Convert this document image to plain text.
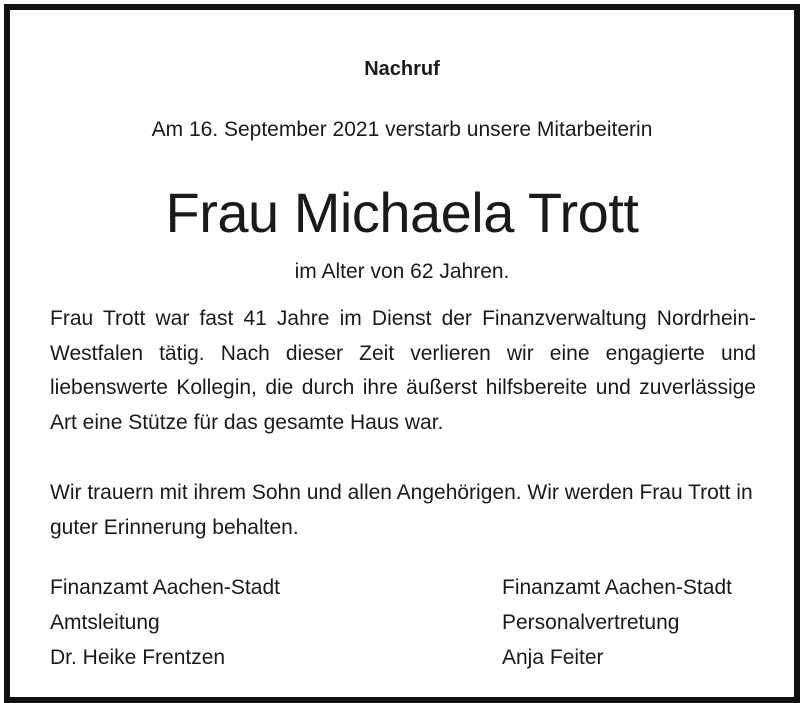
Nachruf
Am 16. September 2021 verstarb unsere Mitarbeiterin
Frau Michaela Trott
im Alter von 62 Jahren.
Frau Trott war fast 41 Jahre im Dienst der Finanzverwaltung Nordrhein-Westfalen tätig. Nach dieser Zeit verlieren wir eine engagierte und liebenswerte Kollegin, die durch ihre äußerst hilfsbereite und zuverlässige Art eine Stütze für das gesamte Haus war.
Wir trauern mit ihrem Sohn und allen Angehörigen. Wir werden Frau Trott in guter Erinnerung behalten.
Finanzamt Aachen-Stadt
Amtsleitung
Dr. Heike Frentzen
Finanzamt Aachen-Stadt
Personalvertretung
Anja Feiter
